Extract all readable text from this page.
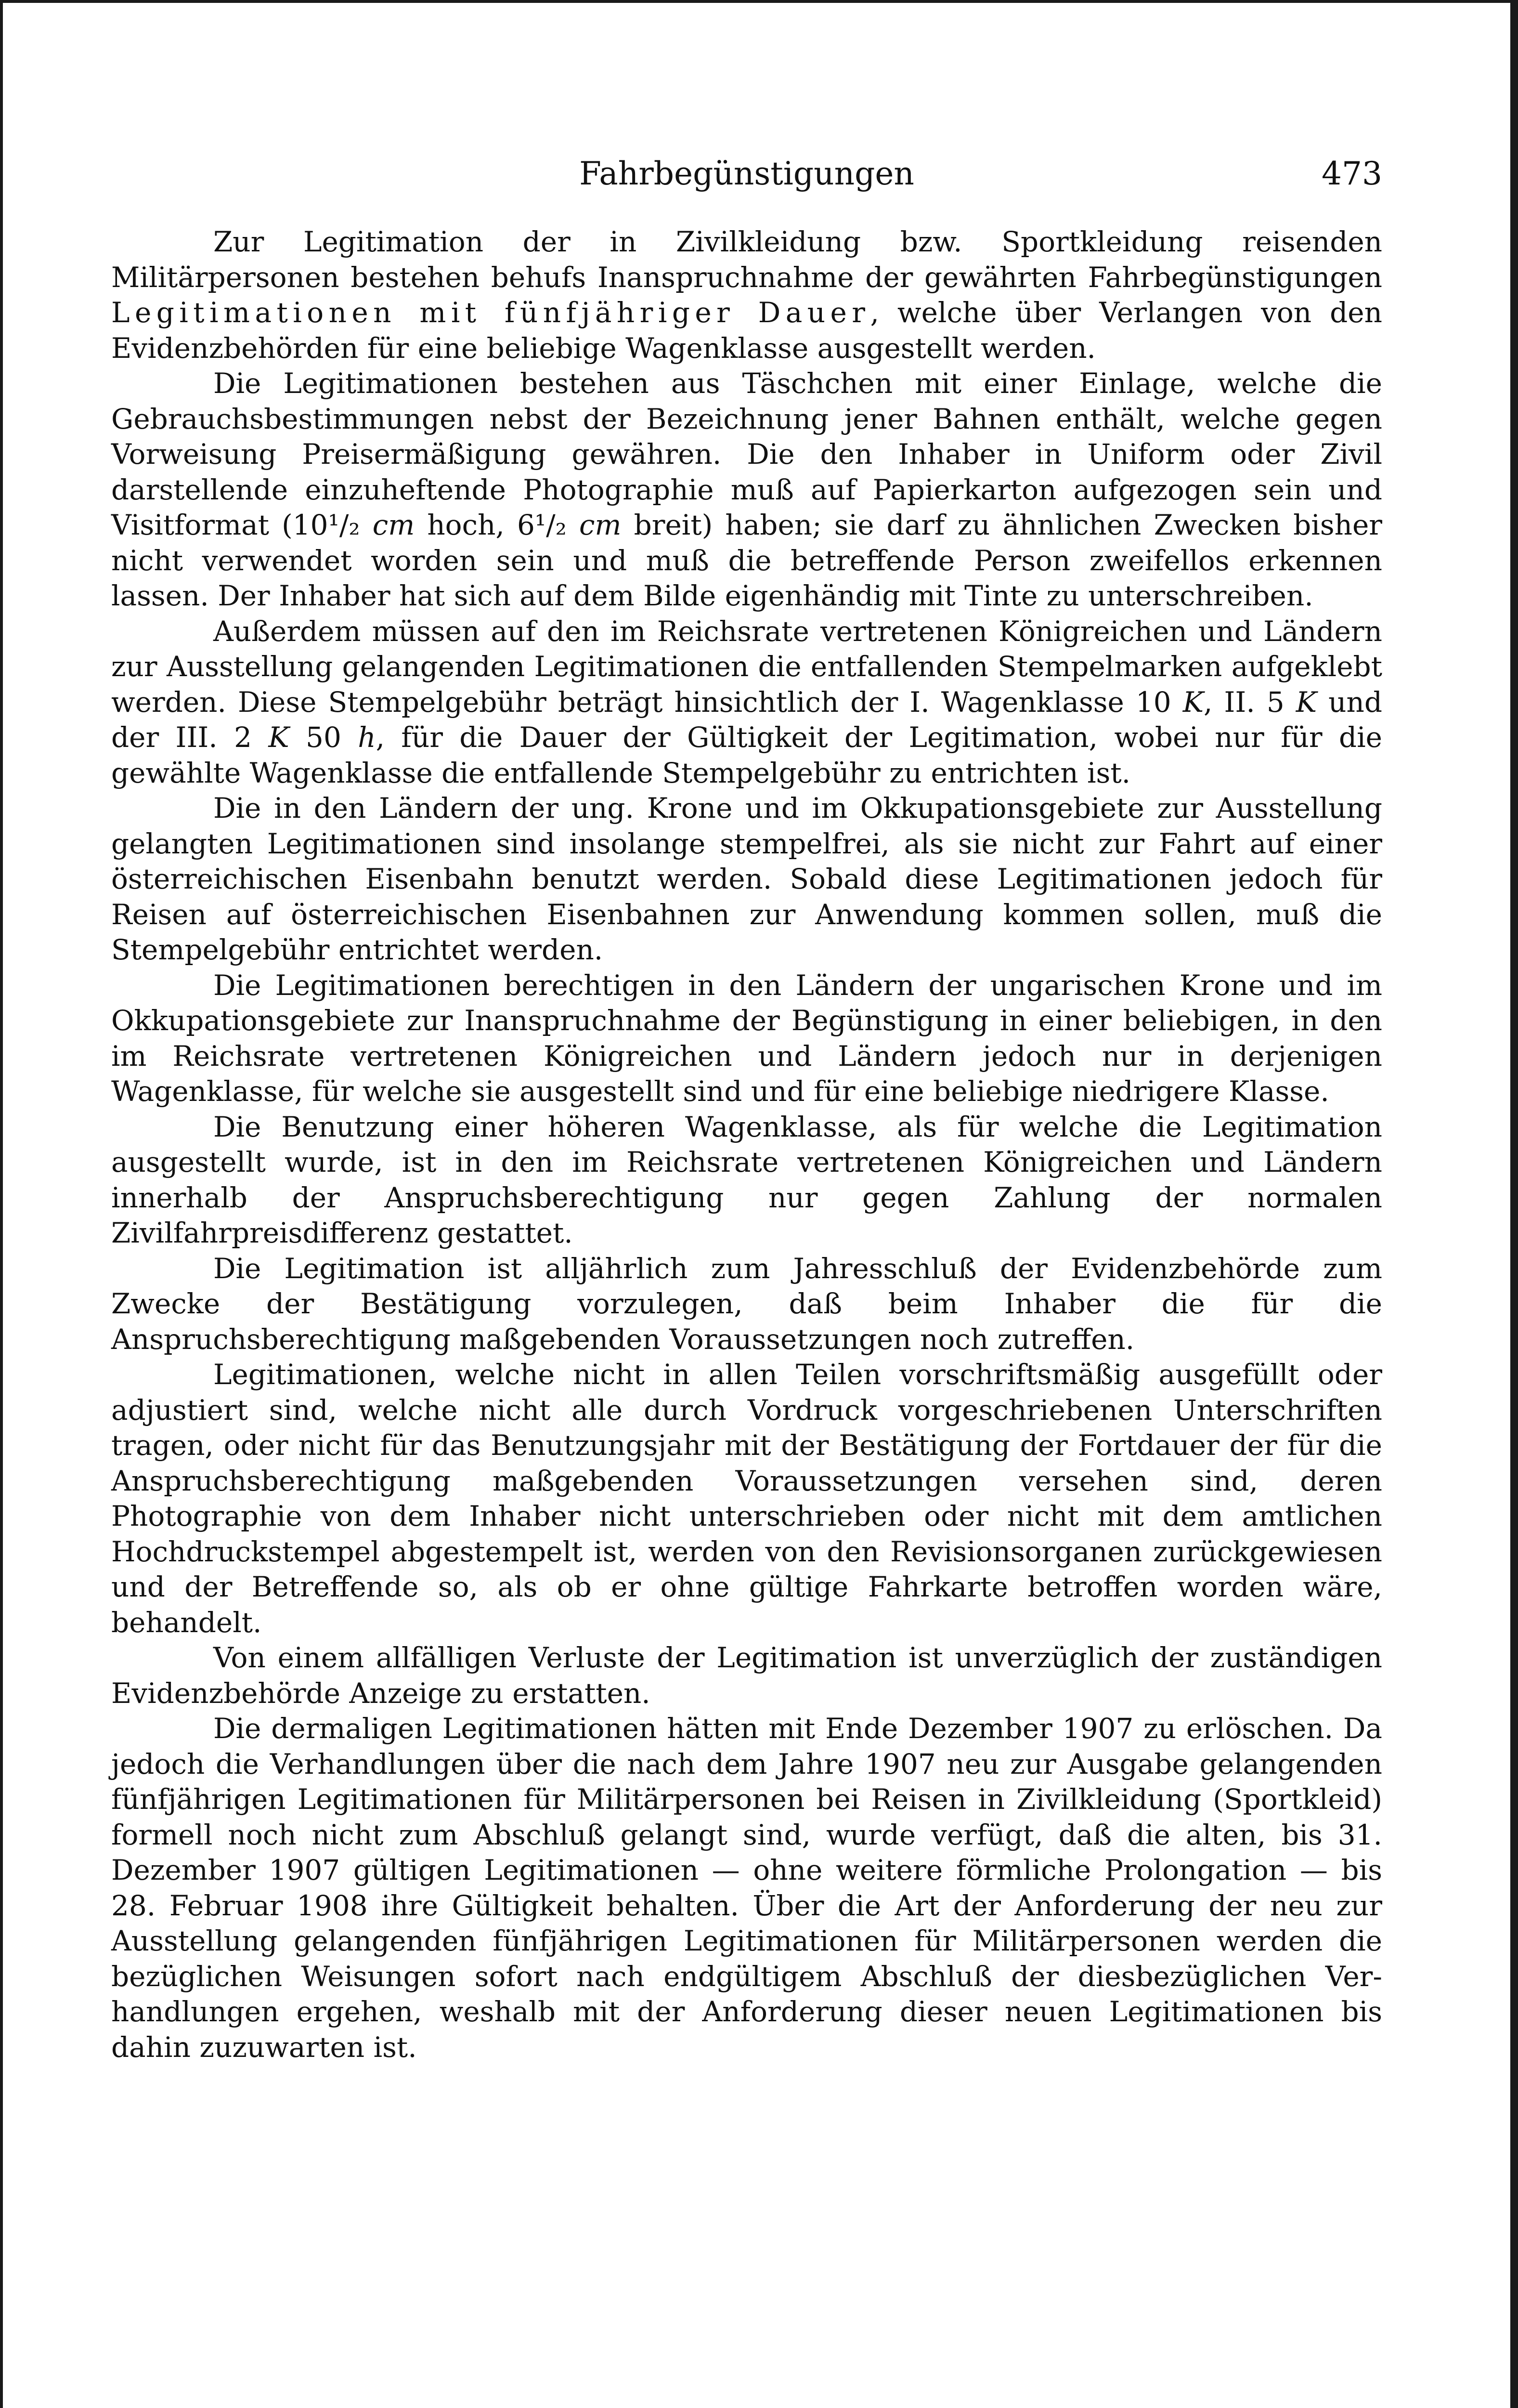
Fahrbegünstigungen	473

Zur Legitimation der in Zivilkleidung bzw. Sportkleidung reisenden Militärpersonen bestehen behufs Inanspruchnahme der gewährten Fahrbegünstigungen Legitimationen mit fünfjähriger Dauer, welche über Verlangen von den Evidenzbehörden für eine beliebige Wagenklasse ausgestellt werden.

Die Legitimationen bestehen aus Täschchen mit einer Einlage, welche die Gebrauchsbestimmungen nebst der Bezeichnung jener Bahnen enthält, welche gegen Vorweisung Preisermäßigung gewähren. Die den Inhaber in Uniform oder Zivil darstellende einzuheftende Photographie muß auf Papierkarton aufgezogen sein und Visitformat (10¹/₂ cm hoch, 6¹/₂ cm breit) haben; sie darf zu ähnlichen Zwecken bisher nicht verwendet worden sein und muß die betreffende Person zweifellos erkennen lassen. Der Inhaber hat sich auf dem Bilde eigenhändig mit Tinte zu unterschreiben.

Außerdem müssen auf den im Reichsrate vertretenen Königreichen und Ländern zur Ausstellung gelangenden Legitimationen die entfallenden Stempelmarken aufgeklebt werden. Diese Stempelgebühr beträgt hinsichtlich der I. Wagenklasse 10 K, II. 5 K und der III. 2 K 50 h, für die Dauer der Gültigkeit der Legitimation, wobei nur für die gewählte Wagenklasse die entfallende Stempelgebühr zu entrichten ist.

Die in den Ländern der ung. Krone und im Okkupationsgebiete zur Ausstellung gelangten Legitimationen sind insolange stempelfrei, als sie nicht zur Fahrt auf einer österreichischen Eisenbahn benutzt werden. Sobald diese Legitimationen jedoch für Reisen auf österreichischen Eisenbahnen zur Anwendung kommen sollen, muß die Stempelgebühr entrichtet werden.

Die Legitimationen berechtigen in den Ländern der ungarischen Krone und im Okkupationsgebiete zur Inanspruchnahme der Begünstigung in einer beliebigen, in den im Reichsrate vertretenen Königreichen und Ländern jedoch nur in derjenigen Wagenklasse, für welche sie ausgestellt sind und für eine beliebige niedrigere Klasse.

Die Benutzung einer höheren Wagenklasse, als für welche die Legitimation ausgestellt wurde, ist in den im Reichsrate vertretenen Königreichen und Ländern innerhalb der Anspruchsberechtigung nur gegen Zahlung der normalen Zivilfahrpreisdifferenz gestattet.

Die Legitimation ist alljährlich zum Jahresschluß der Evidenzbehörde zum Zwecke der Bestätigung vorzulegen, daß beim Inhaber die für die Anspruchsberechtigung maßgebenden Voraussetzungen noch zutreffen.

Legitimationen, welche nicht in allen Teilen vorschriftsmäßig ausgefüllt oder adjustiert sind, welche nicht alle durch Vordruck vorgeschriebenen Unterschriften tragen, oder nicht für das Benutzungsjahr mit der Bestätigung der Fortdauer der für die Anspruchsberechtigung maßgebenden Voraussetzungen versehen sind, deren Photographie von dem Inhaber nicht unterschrieben oder nicht mit dem amtlichen Hochdruckstempel abgestempelt ist, werden von den Revisionsorganen zurückgewiesen und der Betreffende so, als ob er ohne gültige Fahrkarte betroffen worden wäre, behandelt.

Von einem allfälligen Verluste der Legitimation ist unverzüglich der zuständigen Evidenzbehörde Anzeige zu erstatten.

Die dermaligen Legitimationen hätten mit Ende Dezember 1907 zu erlöschen. Da jedoch die Verhandlungen über die nach dem Jahre 1907 neu zur Ausgabe gelangenden fünfjährigen Legitimationen für Militärpersonen bei Reisen in Zivilkleidung (Sportkleid) formell noch nicht zum Abschluß gelangt sind, wurde verfügt, daß die alten, bis 31. Dezember 1907 gültigen Legitimationen — ohne weitere förmliche Prolongation — bis 28. Februar 1908 ihre Gültigkeit behalten. Über die Art der Anforderung der neu zur Ausstellung gelangenden fünfjährigen Legitimationen für Militärpersonen werden die bezüglichen Weisungen sofort nach endgültigem Abschluß der diesbezüglichen Verhandlungen ergehen, weshalb mit der Anforderung dieser neuen Legitimationen bis dahin zuzuwarten ist.
